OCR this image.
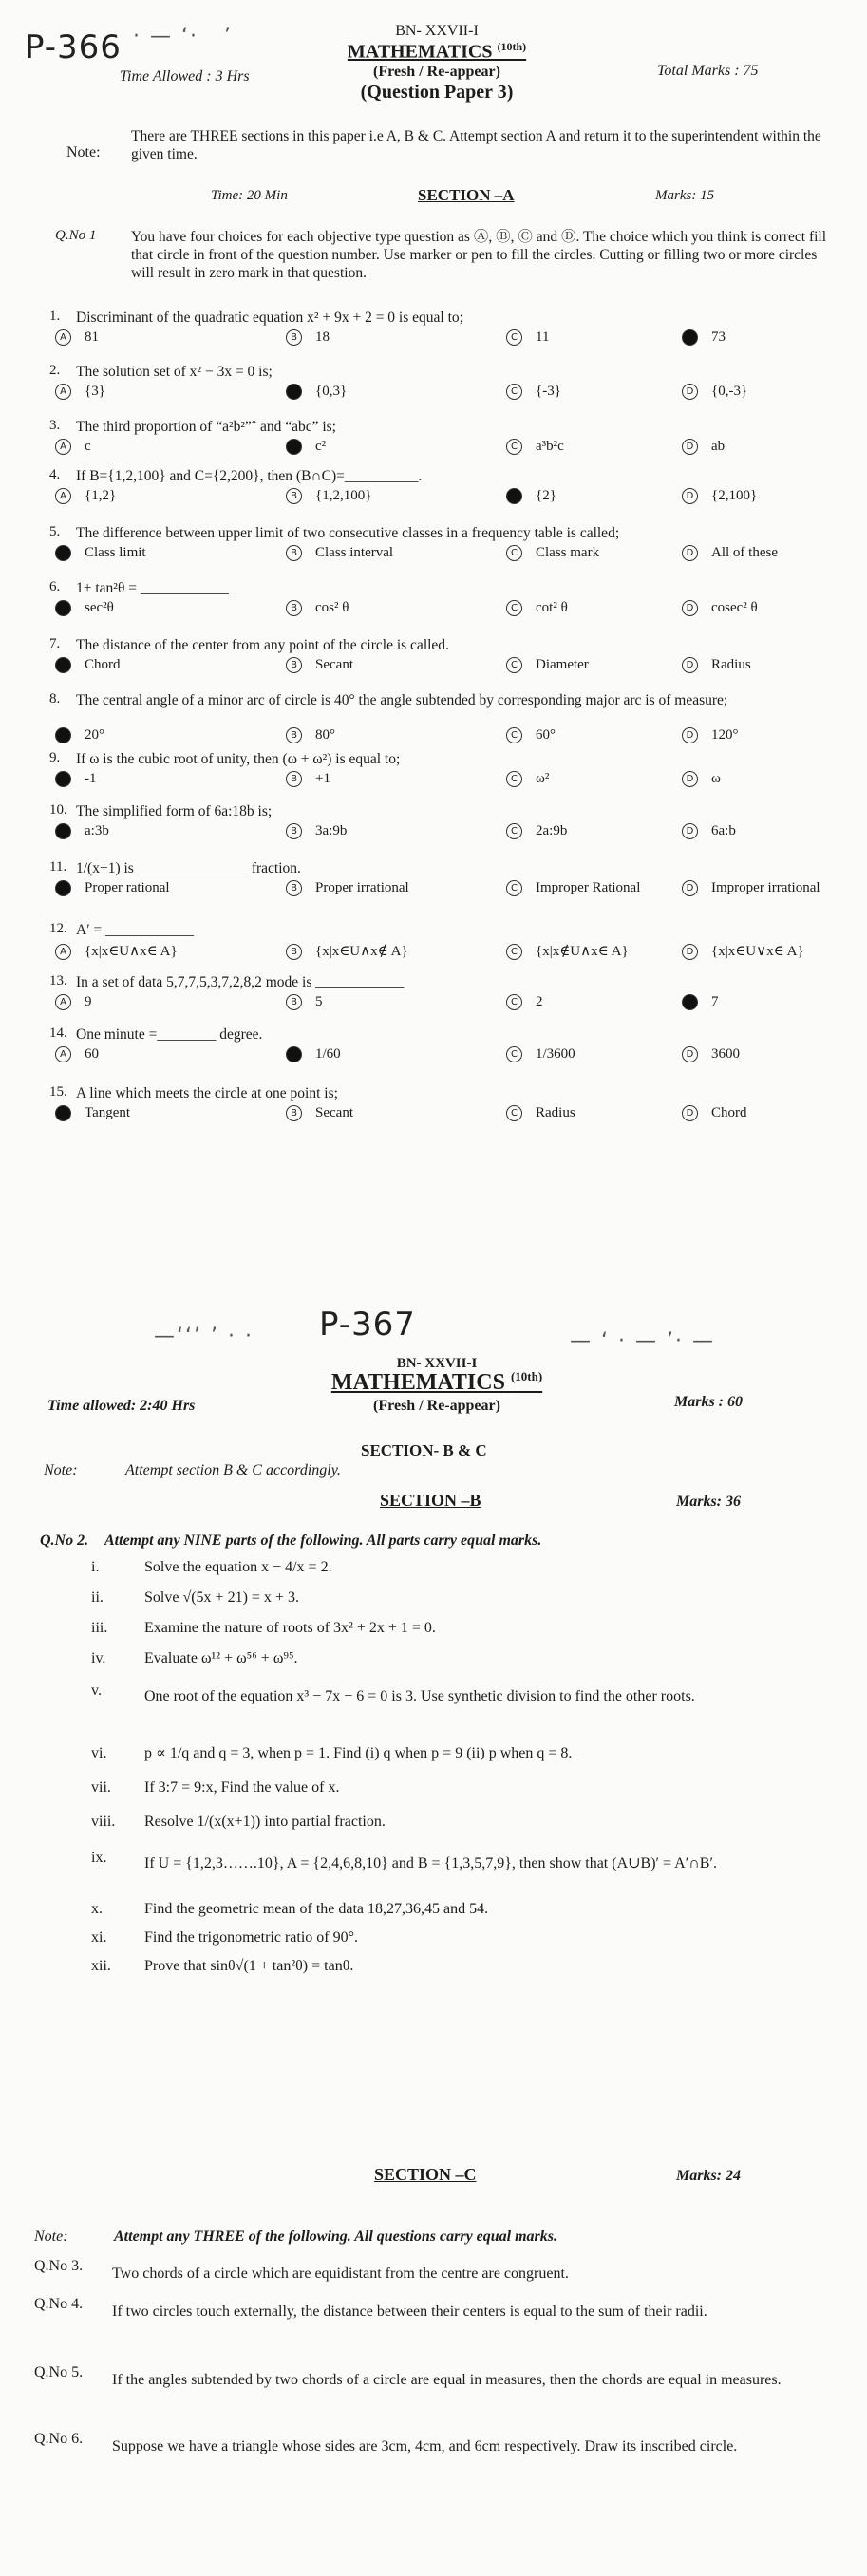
P-366 · — ‘·   ’	BN- XXVII-I
MATHEMATICS $^{(10th)}$
(Fresh / Re-appear)
(Question Paper 3)
Time Allowed : 3 Hrs	Total Marks : 75
Note:
There are THREE sections in this paper i.e A, B & C. Attempt section A and return it to the superintendent within the given time.
Time: 20 Min	SECTION –A	Marks: 15
Q.No 1 You have four choices for each objective type question as Ⓐ, Ⓑ, Ⓒ and Ⓓ. The choice which you think is correct fill that circle in front of the question number. Use marker or pen to fill the circles. Cutting or filling two or more circles will result in zero mark in that question.
1. Discriminant of the quadratic equation x² + 9x + 2 = 0 is equal to;
A 81	B 18	C 11	D 73
2. The solution set of x² − 3x = 0 is;
A {3}	B {0,3}	C {-3}	D {0,-3}
3. The third proportion of “a²b²”ˆ and “abc” is;
A c	B c²	C a³b²c	D ab
4. If B={1,2,100} and C={2,200}, then (B∩C)=__________.
A {1,2}	B {1,2,100}	C {2}	D {2,100}
5. The difference between upper limit of two consecutive classes in a frequency table is called;
A Class limit	B Class interval	C Class mark	D All of these
6. 1+ tan²θ = ____________
A sec²θ	B cos² θ	C cot² θ	D cosec² θ
7. The distance of the center from any point of the circle is called.
A Chord	B Secant	C Diameter	D Radius
8. The central angle of a minor arc of circle is 40° the angle subtended by corresponding major arc is of measure;
A 20°	B 80°	C 60°	D 120°
9. If ω is the cubic root of unity, then (ω + ω²) is equal to;
A -1	B +1	C ω²	D ω
10. The simplified form of 6a:18b is;
A a:3b	B 3a:9b	C 2a:9b	D 6a:b
11. 1/(x+1) is _______________ fraction.
A Proper rational	B Proper irrational	C Improper Rational	D Improper irrational
12. A′ = ____________
A {x|x∈U∧x∈ A}	B {x|x∈U∧x∉ A}	C {x|x∉U∧x∈ A}	D {x|x∈U∨x∈ A}
13. In a set of data 5,7,7,5,3,7,2,8,2 mode is ____________
A 9	B 5	C 2	D 7
14. One minute =________ degree.
A 60	B 1/60	C 1/3600	D 3600
15. A line which meets the circle at one point is;
A Tangent	B Secant	C Radius	D Chord
—‘‘’ ’ · · P-367	— ‘ · — ’· —
BN- XXVII-I
MATHEMATICS $^{(10th)}$
(Fresh / Re-appear)
Time allowed: 2:40 Hrs	Marks : 60
SECTION- B & C
Note:	Attempt section B & C accordingly.
SECTION –B	Marks: 36
Q.No 2. Attempt any NINE parts of the following. All parts carry equal marks.
i.	Solve the equation x − 4/x = 2.
ii.	Solve √(5x + 21) = x + 3.
iii. Examine the nature of roots of 3x² + 2x + 1 = 0.
iv.	Evaluate ω¹² + ω⁵⁶ + ω⁹⁵.
v.	One root of the equation x³ − 7x − 6 = 0 is 3. Use synthetic division to find the other roots.
vi. p ∝ 1/q and q = 3, when p = 1. Find (i) q when p = 9 (ii) p when q = 8.
vii. If 3:7 = 9:x, Find the value of x.
viii. Resolve 1/(x(x+1)) into partial fraction.
ix. If U = {1,2,3…….10}, A = {2,4,6,8,10} and B = {1,3,5,7,9}, then show that (A∪B)′ = A′∩B′.
x.	Find the geometric mean of the data 18,27,36,45 and 54.
xi. Find the trigonometric ratio of 90°.
xii. Prove that sinθ√(1 + tan²θ) = tanθ.
SECTION –C	Marks: 24
Note:	Attempt any THREE of the following. All questions carry equal marks.
Q.No 3. Two chords of a circle which are equidistant from the centre are congruent.
Q.No 4. If two circles touch externally, the distance between their centers is equal to the sum of their radii.
Q.No 5. If the angles subtended by two chords of a circle are equal in measures, then the chords are equal in measures.
Q.No 6. Suppose we have a triangle whose sides are 3cm, 4cm, and 6cm respectively. Draw its inscribed circle.
